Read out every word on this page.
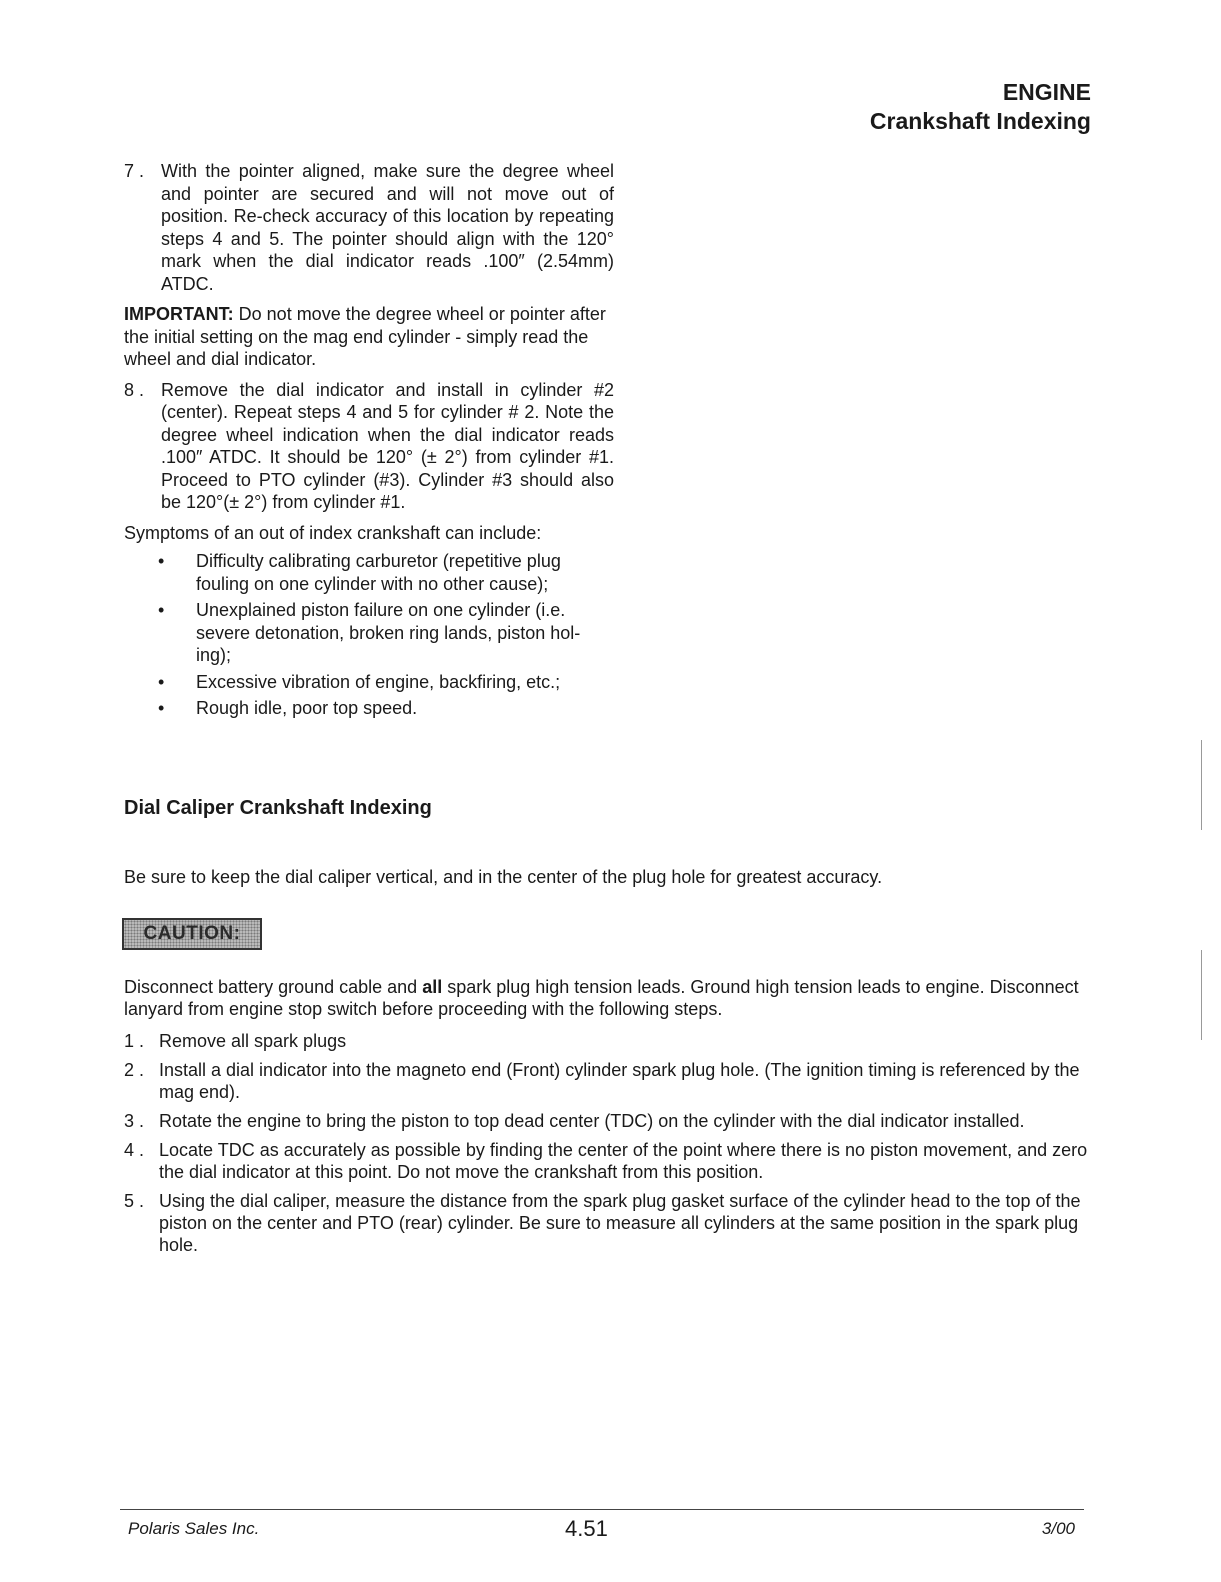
ENGINE
Crankshaft Indexing
7 . With the pointer aligned, make sure the degree wheel and pointer are secured and will not move out of position. Re-check accuracy of this location by repeating steps 4 and 5. The pointer should align with the 120° mark when the dial indicator reads .100″ (2.54mm) ATDC.
IMPORTANT: Do not move the degree wheel or pointer after the initial setting on the mag end cylinder - simply read the wheel and dial indicator.
8 . Remove the dial indicator and install in cylinder #2 (center). Repeat steps 4 and 5 for cylinder # 2. Note the degree wheel indication when the dial indicator reads .100″ ATDC. It should be 120° (± 2°) from cylinder #1. Proceed to PTO cylinder (#3). Cylinder #3 should also be 120°(± 2°) from cylinder #1.
Symptoms of an out of index crankshaft can include:
• Difficulty calibrating carburetor (repetitive plug fouling on one cylinder with no other cause);
• Unexplained piston failure on one cylinder (i.e. severe detonation, broken ring lands, piston hol-ing);
• Excessive vibration of engine, backfiring, etc.;
• Rough idle, poor top speed.
Dial Caliper Crankshaft Indexing
Be sure to keep the dial caliper vertical, and in the center of the plug hole for greatest accuracy.
CAUTION:
Disconnect battery ground cable and all spark plug high tension leads. Ground high tension leads to engine. Disconnect lanyard from engine stop switch before proceeding with the following steps.
1 . Remove all spark plugs
2 . Install a dial indicator into the magneto end (Front) cylinder spark plug hole. (The ignition timing is referenced by the mag end).
3 . Rotate the engine to bring the piston to top dead center (TDC) on the cylinder with the dial indicator installed.
4 . Locate TDC as accurately as possible by finding the center of the point where there is no piston movement, and zero the dial indicator at this point. Do not move the crankshaft from this position.
5 . Using the dial caliper, measure the distance from the spark plug gasket surface of the cylinder head to the top of the piston on the center and PTO (rear) cylinder. Be sure to measure all cylinders at the same position in the spark plug hole.
Polaris Sales Inc.	4.51	3/00
